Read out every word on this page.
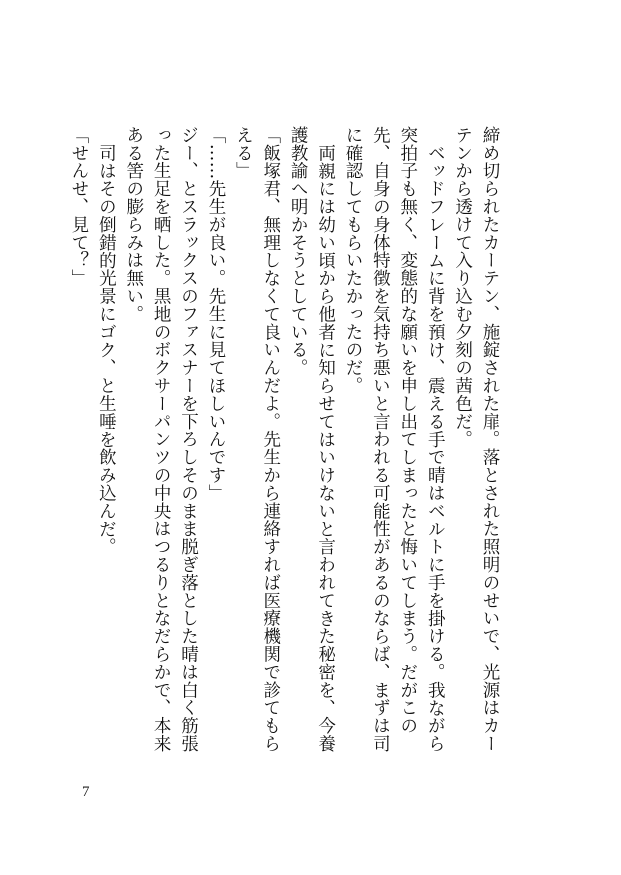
締め切られたカーテン、施錠された扉。落とされた照明のせいで、光源はカーテンから透けて入り込む夕刻の茜色だ。

ベッドフレームに背を預け、震える手で晴はベルトに手を掛ける。我ながら突拍子も無く、変態的な願いを申し出てしまったと悔いてしまう。だがこの先、自身の身体特徴を気持ち悪いと言われる可能性があるのならば、まずは司に確認してもらいたかったのだ。

両親には幼い頃から他者に知らせてはいけないと言われてきた秘密を、今養護教諭へ明かそうとしている。

「飯塚君、無理しなくて良いんだよ。先生から連絡すれば医療機関で診てもらえる」

「……先生が良い。先生に見てほしいんです」

ジー、とスラックスのファスナーを下ろしそのまま脱ぎ落とした晴は白く筋張った生足を晒した。黒地のボクサーパンツの中央はつるりとなだらかで、本来ある筈の膨らみは無い。

司はその倒錯的光景にゴク、と生唾を飲み込んだ。

「せんせ、見て？」

7
